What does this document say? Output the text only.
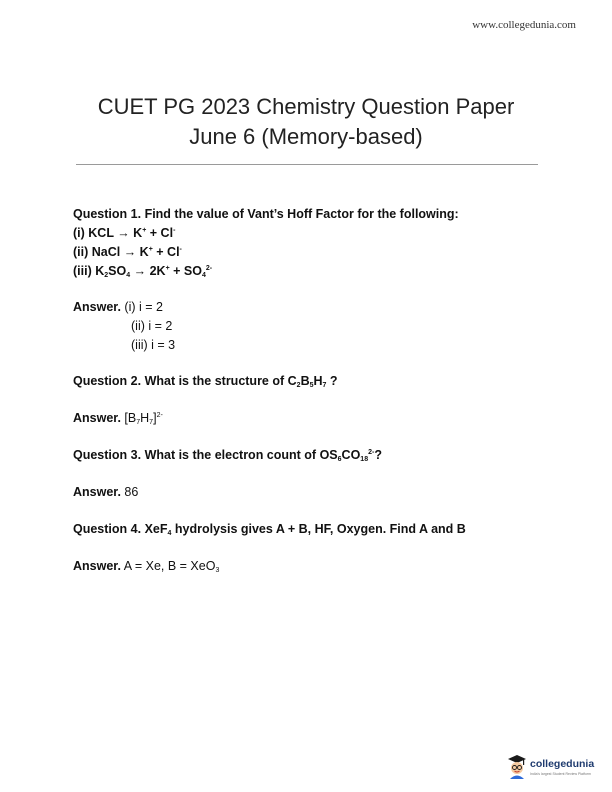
www.collegedunia.com
CUET PG 2023 Chemistry Question Paper
June 6 (Memory-based)
Question 1. Find the value of Vant’s Hoff Factor for the following:
(i) KCL → K+ + Cl-
(ii) NaCl → K+ + Cl-
(iii) $K_2SO_4 \to 2K^+ + SO_4^{2-}$
Answer. (i) i = 2
(ii) i = 2
(iii) i = 3
Question 2. What is the structure of $C_2B_5H_7$ ?
Answer. $[B_7H_7]^{2-}$
Question 3. What is the electron count of $OS_6CO_{18}^{2-}$?
Answer. 86
Question 4. XeF$_4$ hydrolysis gives A + B, HF, Oxygen. Find A and B
Answer. A = Xe, B = XeO$_3$
collegedunia
India's largest Student Review Platform
